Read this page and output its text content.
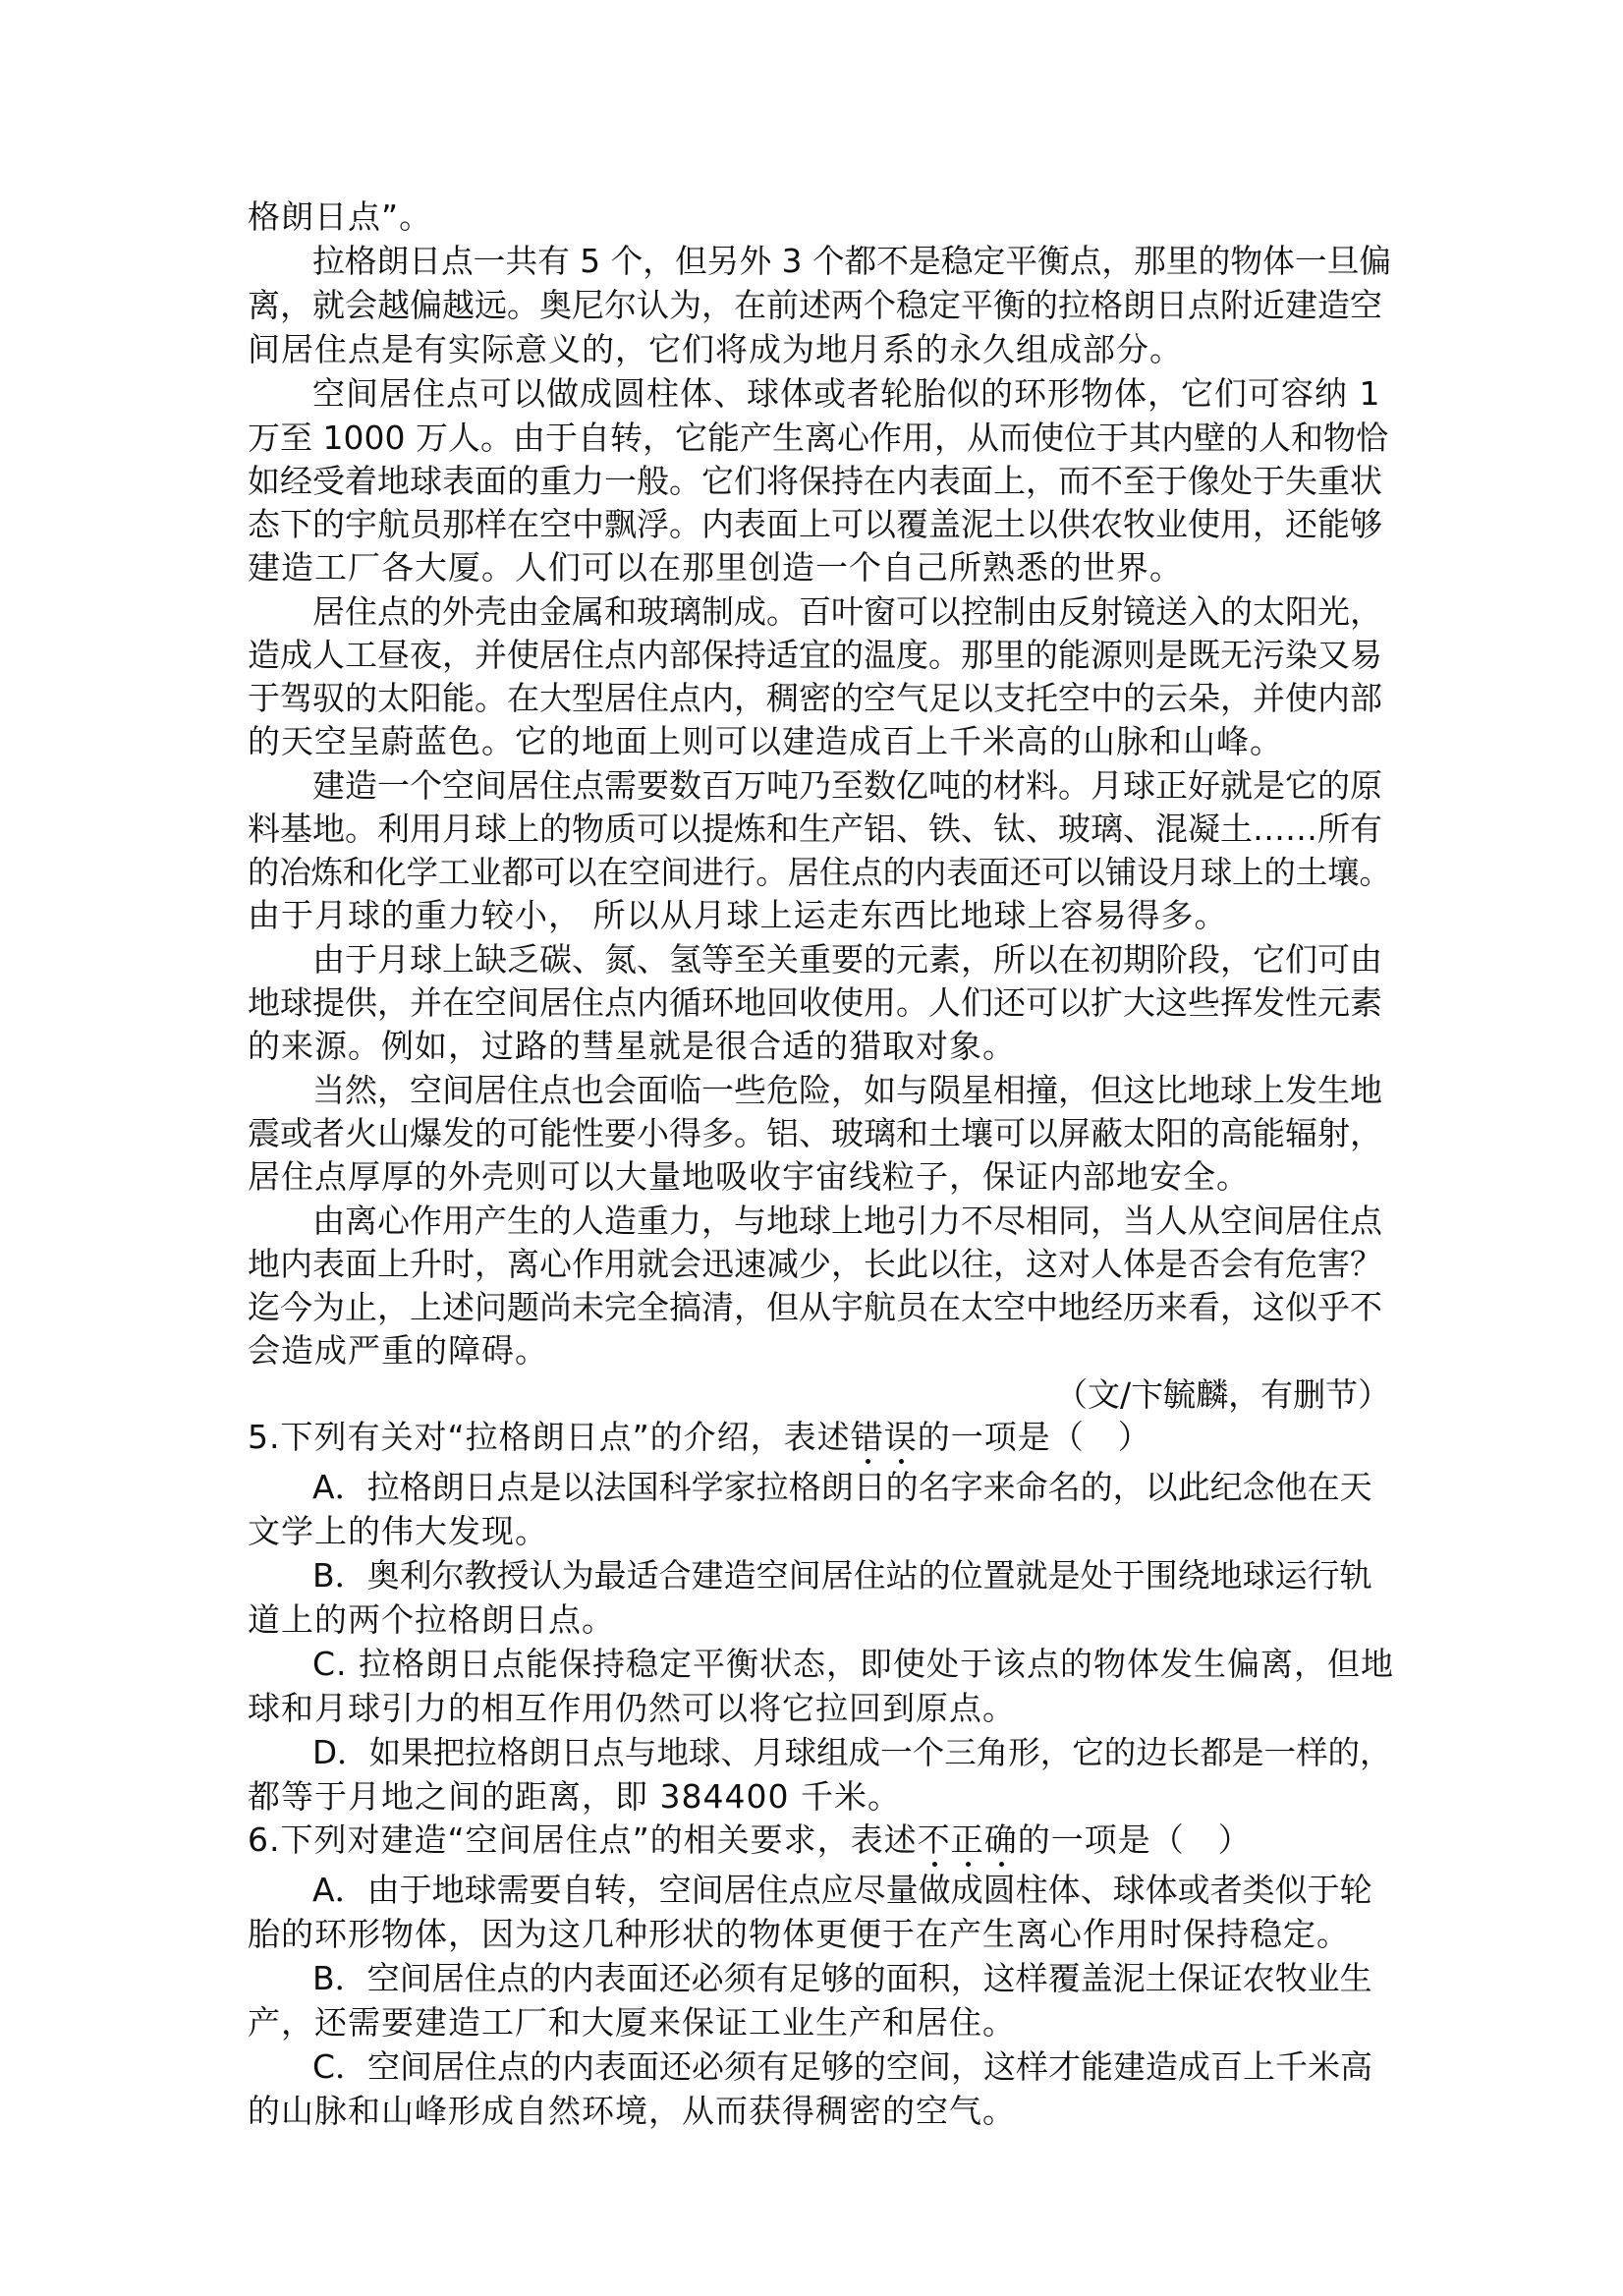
格朗日点”。
拉格朗日点一共有 5 个，但另外 3 个都不是稳定平衡点，那里的物体一旦偏
离，就会越偏越远。奥尼尔认为，在前述两个稳定平衡的拉格朗日点附近建造空
间居住点是有实际意义的，它们将成为地月系的永久组成部分。
空间居住点可以做成圆柱体、球体或者轮胎似的环形物体，它们可容纳 1
万至 1000 万人。由于自转，它能产生离心作用，从而使位于其内壁的人和物恰
如经受着地球表面的重力一般。它们将保持在内表面上，而不至于像处于失重状
态下的宇航员那样在空中飘浮。内表面上可以覆盖泥土以供农牧业使用，还能够
建造工厂各大厦。人们可以在那里创造一个自己所熟悉的世界。
居住点的外壳由金属和玻璃制成。百叶窗可以控制由反射镜送入的太阳光，
造成人工昼夜，并使居住点内部保持适宜的温度。那里的能源则是既无污染又易
于驾驭的太阳能。在大型居住点内，稠密的空气足以支托空中的云朵，并使内部
的天空呈蔚蓝色。它的地面上则可以建造成百上千米高的山脉和山峰。
建造一个空间居住点需要数百万吨乃至数亿吨的材料。月球正好就是它的原
料基地。利用月球上的物质可以提炼和生产铝、铁、钛、玻璃、混凝土……所有
的冶炼和化学工业都可以在空间进行。居住点的内表面还可以铺设月球上的土壤。
由于月球的重力较小， 所以从月球上运走东西比地球上容易得多。
由于月球上缺乏碳、氮、氢等至关重要的元素，所以在初期阶段，它们可由
地球提供，并在空间居住点内循环地回收使用。人们还可以扩大这些挥发性元素
的来源。例如，过路的彗星就是很合适的猎取对象。
当然，空间居住点也会面临一些危险，如与陨星相撞，但这比地球上发生地
震或者火山爆发的可能性要小得多。铝、玻璃和土壤可以屏蔽太阳的高能辐射，
居住点厚厚的外壳则可以大量地吸收宇宙线粒子，保证内部地安全。
由离心作用产生的人造重力，与地球上地引力不尽相同，当人从空间居住点
地内表面上升时，离心作用就会迅速减少，长此以往，这对人体是否会有危害？
迄今为止，上述问题尚未完全搞清，但从宇航员在太空中地经历来看，这似乎不
会造成严重的障碍。
（文/卞毓麟，有删节）
5.下列有关对“拉格朗日点”的介绍，表述错误的一项是（　）
A．拉格朗日点是以法国科学家拉格朗日的名字来命名的，以此纪念他在天
文学上的伟大发现。
B．奥利尔教授认为最适合建造空间居住站的位置就是处于围绕地球运行轨
道上的两个拉格朗日点。
C. 拉格朗日点能保持稳定平衡状态，即使处于该点的物体发生偏离，但地
球和月球引力的相互作用仍然可以将它拉回到原点。
D．如果把拉格朗日点与地球、月球组成一个三角形，它的边长都是一样的，
都等于月地之间的距离，即 384400 千米。
6.下列对建造“空间居住点”的相关要求，表述不正确的一项是（　）
A．由于地球需要自转，空间居住点应尽量做成圆柱体、球体或者类似于轮
胎的环形物体，因为这几种形状的物体更便于在产生离心作用时保持稳定。
B．空间居住点的内表面还必须有足够的面积，这样覆盖泥土保证农牧业生
产，还需要建造工厂和大厦来保证工业生产和居住。
C．空间居住点的内表面还必须有足够的空间，这样才能建造成百上千米高
的山脉和山峰形成自然环境，从而获得稠密的空气。
